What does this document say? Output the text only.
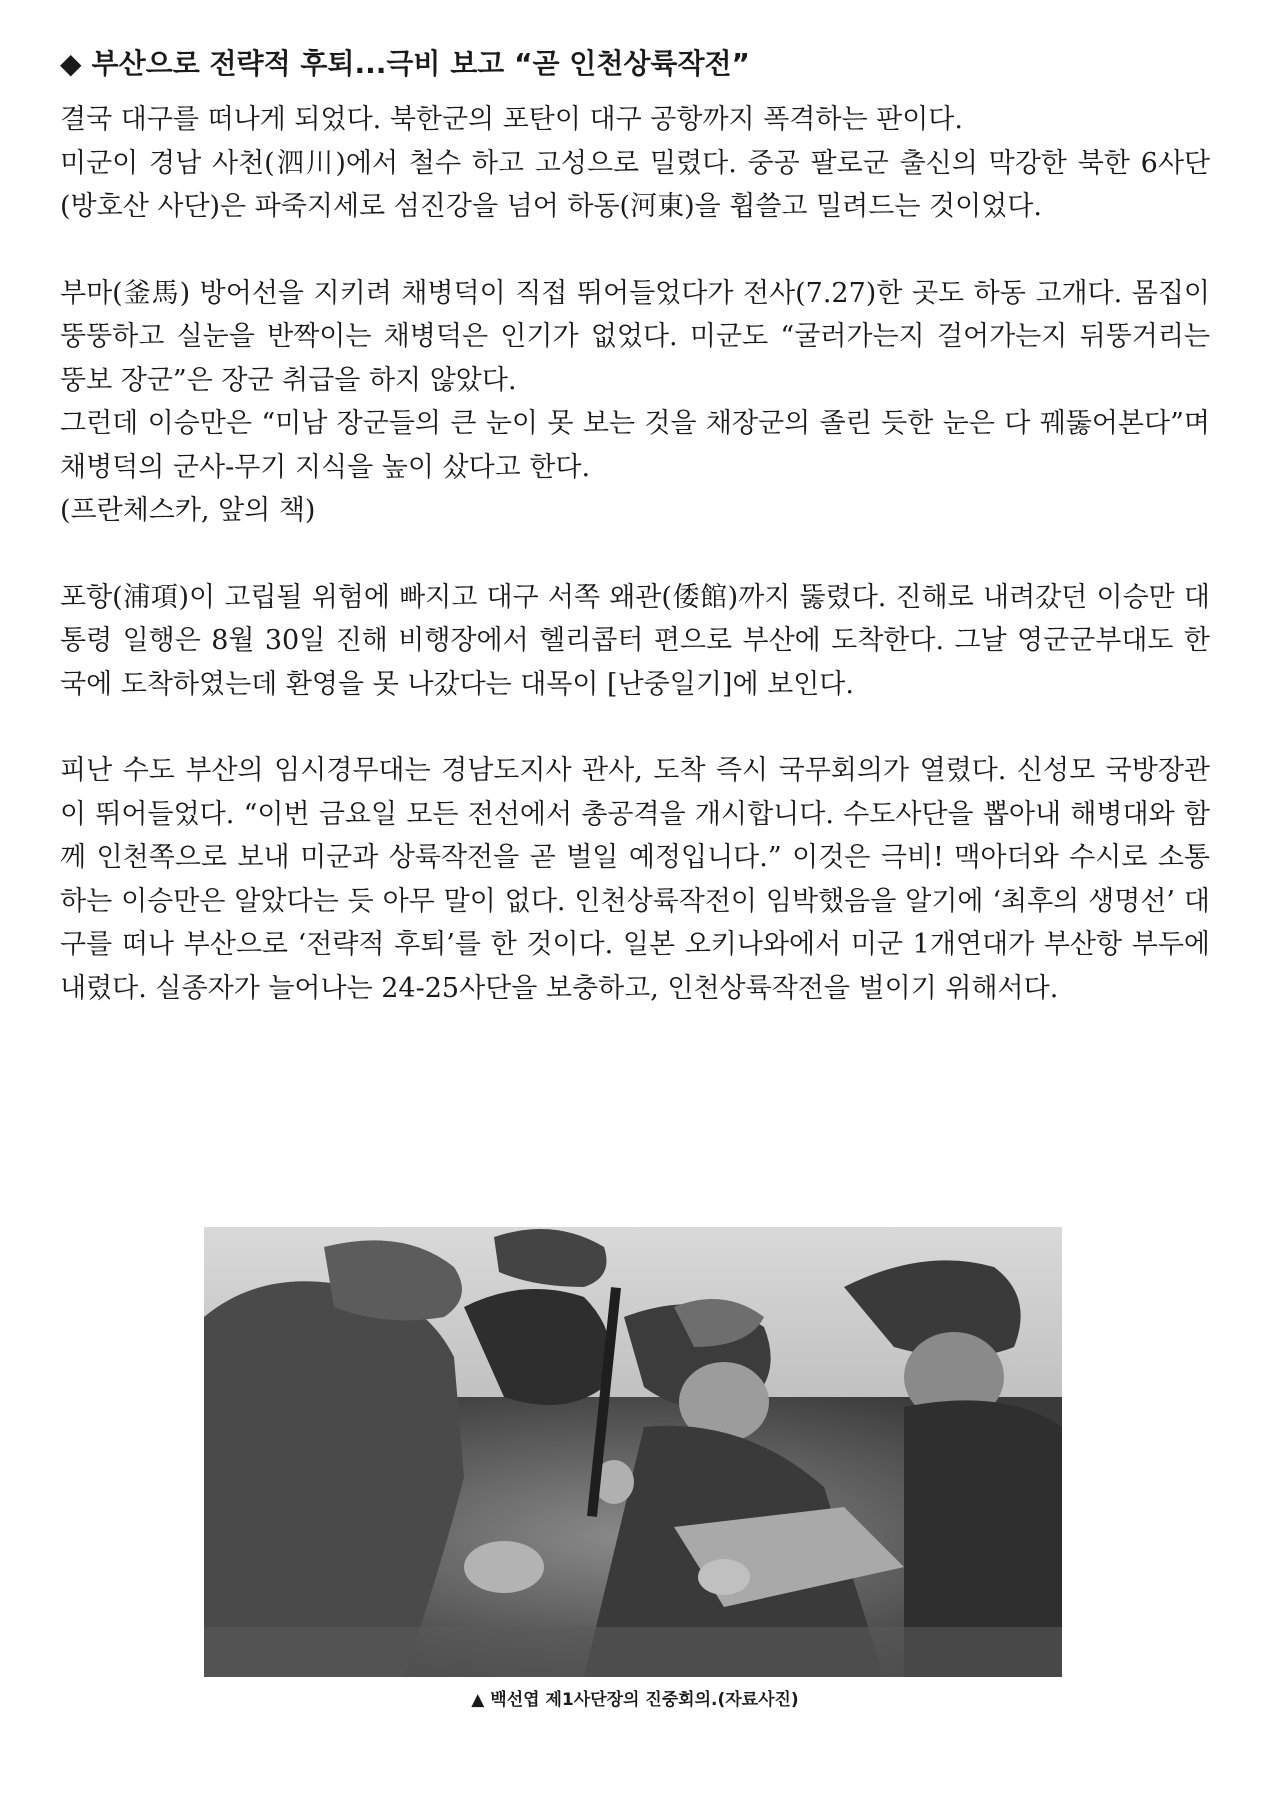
◆ 부산으로 전략적 후퇴...극비 보고 “곧 인천상륙작전”

결국 대구를 떠나게 되었다. 북한군의 포탄이 대구 공항까지 폭격하는 판이다.

미군이 경남 사천(泗川)에서 철수 하고 고성으로 밀렸다. 중공 팔로군 출신의 막강한 북한 6사단(방호산 사단)은 파죽지세로 섬진강을 넘어 하동(河東)을 휩쓸고 밀려드는 것이었다.

부마(釜馬) 방어선을 지키려 채병덕이 직접 뛰어들었다가 전사(7.27)한 곳도 하동 고개다. 몸집이 뚱뚱하고 실눈을 반짝이는 채병덕은 인기가 없었다. 미군도 “굴러가는지 걸어가는지 뒤뚱거리는 뚱보 장군”은 장군 취급을 하지 않았다.

그런데 이승만은 “미남 장군들의 큰 눈이 못 보는 것을 채장군의 졸린 듯한 눈은 다 꿰뚫어본다”며 채병덕의 군사-무기 지식을 높이 샀다고 한다.

(프란체스카, 앞의 책)

포항(浦項)이 고립될 위험에 빠지고 대구 서쪽 왜관(倭館)까지 뚫렸다. 진해로 내려갔던 이승만 대통령 일행은 8월 30일 진해 비행장에서 헬리콥터 편으로 부산에 도착한다. 그날 영군군부대도 한국에 도착하였는데 환영을 못 나갔다는 대목이 [난중일기]에 보인다.

피난 수도 부산의 임시경무대는 경남도지사 관사, 도착 즉시 국무회의가 열렸다. 신성모 국방장관이 뛰어들었다. “이번 금요일 모든 전선에서 총공격을 개시합니다. 수도사단을 뽑아내 해병대와 함께 인천쪽으로 보내 미군과 상륙작전을 곧 벌일 예정입니다.” 이것은 극비! 맥아더와 수시로 소통하는 이승만은 알았다는 듯 아무 말이 없다. 인천상륙작전이 임박했음을 알기에 ‘최후의 생명선’ 대구를 떠나 부산으로 ‘전략적 후퇴’를 한 것이다. 일본 오키나와에서 미군 1개연대가 부산항 부두에 내렸다. 실종자가 늘어나는 24-25사단을 보충하고, 인천상륙작전을 벌이기 위해서다.

▲ 백선엽 제1사단장의 진중회의.(자료사진)
